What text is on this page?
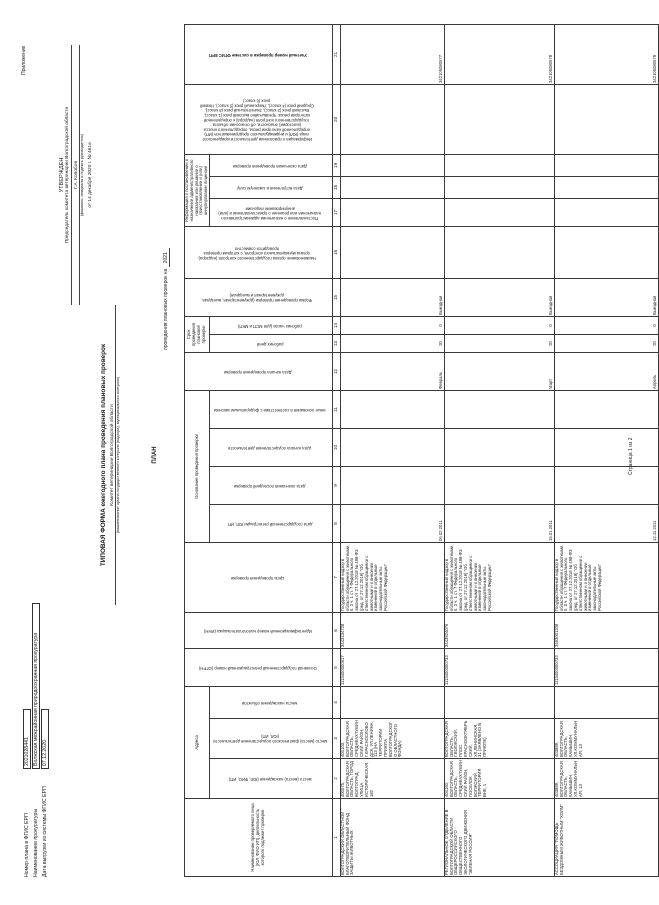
Номер плана в ФГИС ЕРП
2021028441
Наименование прокуратуры
Волжская межрайонная природоохранная прокуратура
Дата выгрузки из системы ФГИС ЕРП
07.12.2020
Приложение
УТВЕРЖДЕН Председатель комитета ветеринарии Волгоградской области Г.А. Колобов (фамилия, инициалы и подпись руководителя) от 14 декабря 2020 г. № 461а
ТИПОВАЯ ФОРМА ежегодного плана проведения плановых проверок Комитет ветеринарии Волгоградской области (наименование органа государственного контроля (надзора), муниципального контроля)	ПЛАН
проведения плановых проверок на 2021
Наименование проверяемого лица (ЮЛ, ФИО ИП), деятельность которого подлежит проверке	Адреса			Основной государственный регистрационный номер (ОГРН)	Идентификационный номер налогоплательщика (ИНН)	Цель проведения проверки	Основание проведения проверки				Дата начала проведения проверки	Срок проведения плановой проверки		Форма проведения проверки (документарная, выездная, документарная и выездная)	Наименование органа государственного контроля (надзора), органа муниципального контроля, с которым проверка проводится совместно	Информация о постановлении о назначении административного наказания или решении о приостановлении и (или) аннулировании лицензии			Информация о присвоении деятельности юридического лица (ЮЛ) и индивидуального предпринимателя (ИП) определенной категории риска, определенного класса (категории) опасности, об отнесении объекта государственного контроля (надзора) к определенной категории риска: Чрезвычайно высокий риск (1 класс), Высокий риск (2 класс), Значительный риск (3 класс), Средний риск (4 класс), Умеренный риск (5 класс), Низкий риск (6 класс)	Учетный номер проверки в системе ФГИС ЕРП
	место (места) нахождения (ЮЛ, ФИО, ИП)	место (места) фактического осуществления деятельности (ЮЛ, ИП)	места нахождения объектов				дата государственной регистрации ЮЛ, ИП	дата окончания последней проверки	дата начала осуществления деятельности	иные основания в соответствии с федеральным законом		рабочих дней	рабочих часов (для МСП и МКП)			Постановление о назначении административного назначения или решение о приостановлении и (или) аннулировании лицензии	Дата вступления в законную силу	Дата окончания проведения проверки		
1	2	3	4	5	6	7	8	9	10	11	12	13	14	15	16	17	18	19	20	21
ВОЛГОГРАДСКИЙ ОБЛАСТНОЙ БЛАГОТВОРИТЕЛЬНЫЙ ФОНД ЗАЩИТЫ ЖИВОТНЫХ	400075, ВОЛГОГРАДСКАЯ ОБЛАСТЬ, ГОРОД ВОЛГОГРАД, УЛИЦА ИСТОРИЧЕСКАЯ, 182	404103, ВОЛГОГРАДСКАЯ ОБЛАСТЬ, СРЕДНЕАХТУБИНСКИЙ РАЙОН, Г.КРАСНОСЛОБОДСК, УЛ.ЛЕНИНА, 113 (НА ТЕРРИТОРИИ ПРИЮТА ВОЛГОГРАДСКОГО ОБЛАСТНОГО ФОНДА)		1113400000617	3443134728	Государственный надзор в области обращения с животными, п. 3 ч. 1 ст. 7 Федерального закона от 27.12.2018 № 498-ФЗ (ред. от 27.12.2019) "Об ответственном обращении с животными и о внесении изменений в отдельные законодательные акты Российской Федерации"	06.02.2011				Февраль	20	0	Выездная						342105080577
РЕГИОНАЛЬНОЕ ОТДЕЛЕНИЕ В ВОЛГОГРАДСКОЙ ОБЛАСТИ ОБЩЕРОССИЙСКОГО ОБЩЕСТВЕННОГО ЭКОЛОГИЧЕСКОГО ДВИЖЕНИЯ "ЗЕЛЕНАЯ РОССИЯ"	404160, ВОЛГОГРАДСКАЯ ОБЛАСТЬ, СРЕДНЕАХТУБИНСКИЙ РАЙОН, ПОСЕЛОК ВОЛЖСКИЙ, ТЕРРИТОРИЯ ВНЕ, 1	ВОЛГОГРАДСКАЯ ОБЛАСТЬ, Г.ВОЛЖСКИЙ, ПЛОС. КРАСНООКТЯБРЬСКИЙ, УЛ.ЛЕНИНСКАЯ, 31 (ЗАЯВЛЕНО В ПРИЮТЕ)		1113400000733	3443924076	Государственный надзор в области обращения с животными, п. 3 ч. 1 ст. 7 Федерального закона от 27.12.2018 № 498-ФЗ (ред. от 27.12.2019) "Об ответственном обращении с животными и о внесении изменений в отдельные законодательные акты Российской Федерации"	15.01.2011				Март	20	0	Выездная						342105080578
АССОЦИАЦИЯ "ПОМОЩЬ БЕЗДОМНЫМ ЖИВОТНЫМ "ХОЛМ"	403889, ВОЛГОГРАДСКАЯ ОБЛАСТЬ, КАМЫШИН, УЛ.КОММУНАЛЬНАЯ, 13	403889, ВОЛГОГРАДСКАЯ ОБЛАСТЬ, КАМЫШИН, УЛ.КОММУНАЛЬНАЯ, 13		1113400000733	3453001208	Государственный надзор в области обращения с животными, п. 3 ч. 1 ст. 7 Федерального закона от 27.12.2018 № 498-ФЗ (ред. от 27.12.2019) "Об ответственном обращении с животными и о внесении изменений в отдельные законодательные акты Российской Федерации"	12.11.2011				Апрель	20	0	Выездная						342105080579
Страница 1 из 2
